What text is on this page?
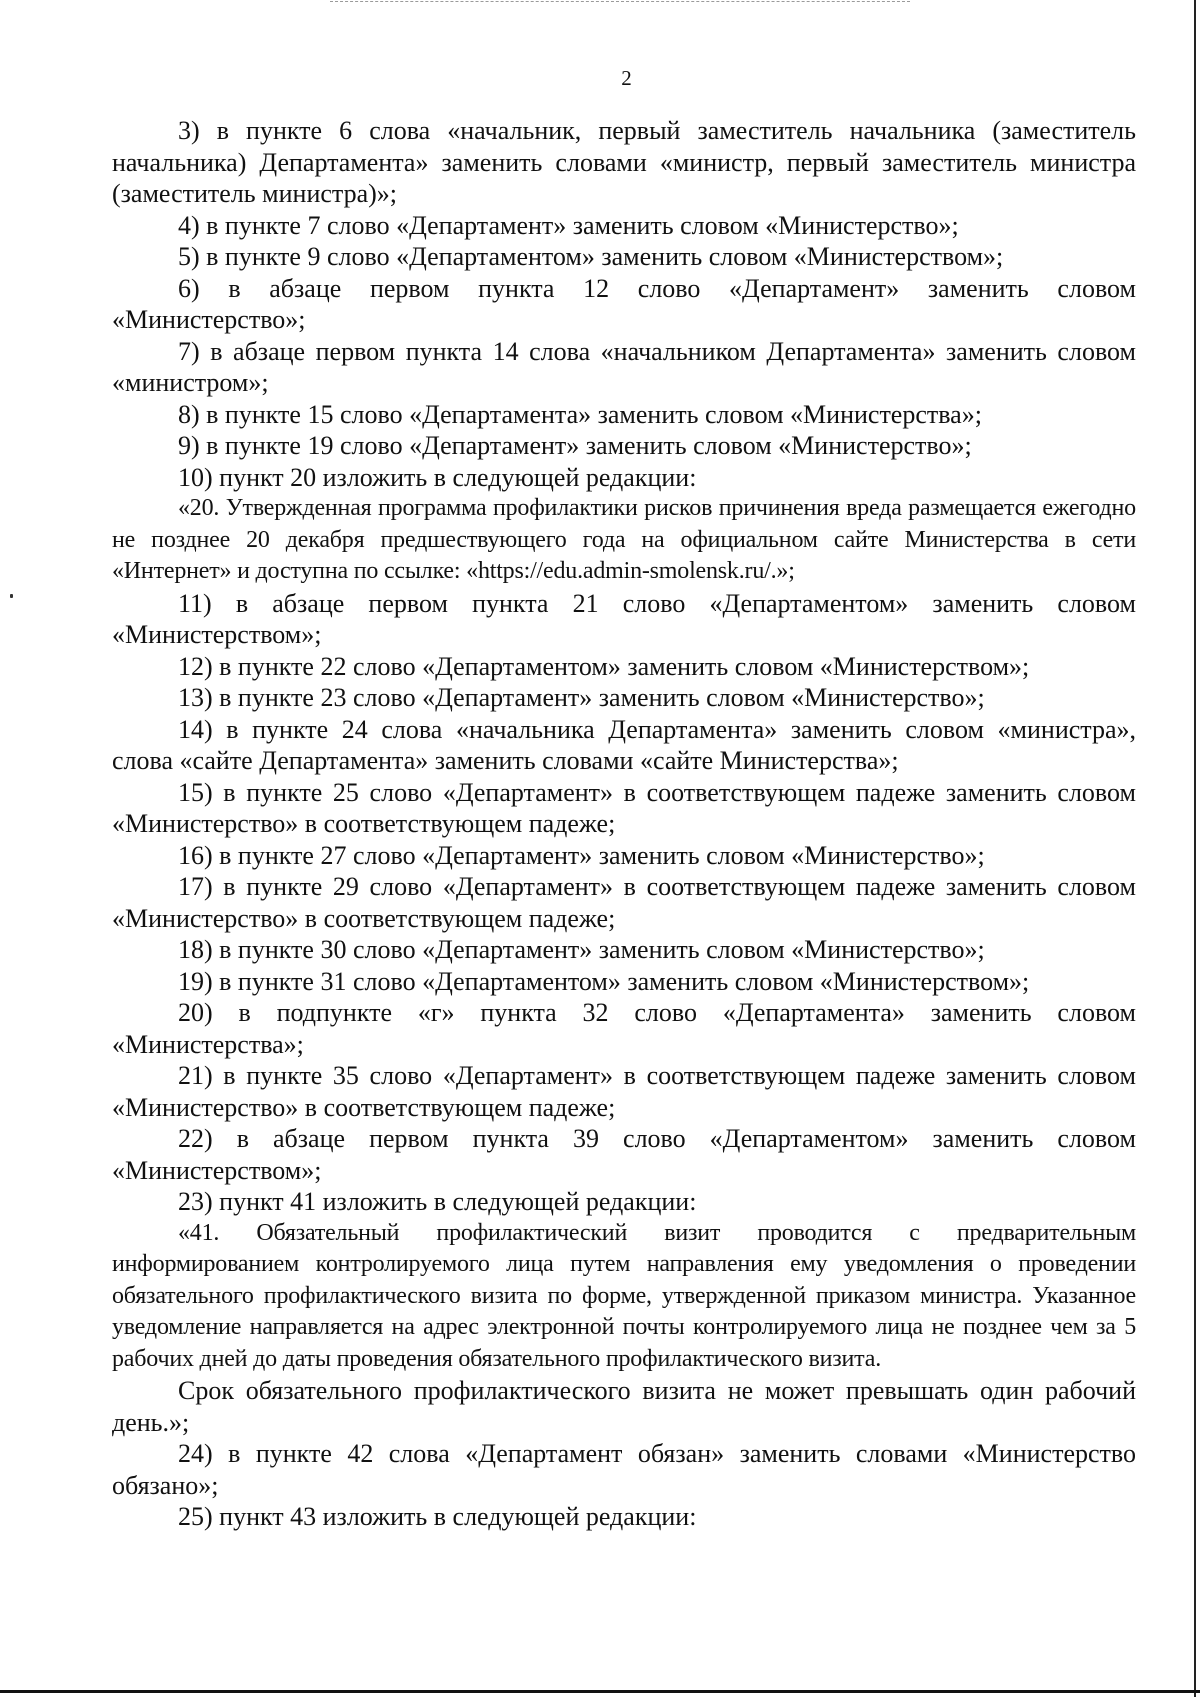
2

3) в пункте 6 слова «начальник, первый заместитель начальника (заместитель начальника) Департамента» заменить словами «министр, первый заместитель министра (заместитель министра)»;

4) в пункте 7 слово «Департамент» заменить словом «Министерство»;

5) в пункте 9 слово «Департаментом» заменить словом «Министерством»;

6) в абзаце первом пункта 12 слово «Департамент» заменить словом «Министерство»;

7) в абзаце первом пункта 14 слова «начальником Департамента» заменить словом «министром»;

8) в пункте 15 слово «Департамента» заменить словом «Министерства»;

9) в пункте 19 слово «Департамент» заменить словом «Министерство»;

10) пункт 20 изложить в следующей редакции:

«20. Утвержденная программа профилактики рисков причинения вреда размещается ежегодно не позднее 20 декабря предшествующего года на официальном сайте Министерства в сети «Интернет» и доступна по ссылке: «https://edu.admin-smolensk.ru/.»;

11) в абзаце первом пункта 21 слово «Департаментом» заменить словом «Министерством»;

12) в пункте 22 слово «Департаментом» заменить словом «Министерством»;

13) в пункте 23 слово «Департамент» заменить словом «Министерство»;

14) в пункте 24 слова «начальника Департамента» заменить словом «министра», слова «сайте Департамента» заменить словами «сайте Министерства»;

15) в пункте 25 слово «Департамент» в соответствующем падеже заменить словом «Министерство» в соответствующем падеже;

16) в пункте 27 слово «Департамент» заменить словом «Министерство»;

17) в пункте 29 слово «Департамент» в соответствующем падеже заменить словом «Министерство» в соответствующем падеже;

18) в пункте 30 слово «Департамент» заменить словом «Министерство»;

19) в пункте 31 слово «Департаментом» заменить словом «Министерством»;

20) в подпункте «г» пункта 32 слово «Департамента» заменить словом «Министерства»;

21) в пункте 35 слово «Департамент» в соответствующем падеже заменить словом «Министерство» в соответствующем падеже;

22) в абзаце первом пункта 39 слово «Департаментом» заменить словом «Министерством»;

23) пункт 41 изложить в следующей редакции:

«41. Обязательный профилактический визит проводится с предварительным информированием контролируемого лица путем направления ему уведомления о проведении обязательного профилактического визита по форме, утвержденной приказом министра. Указанное уведомление направляется на адрес электронной почты контролируемого лица не позднее чем за 5 рабочих дней до даты проведения обязательного профилактического визита.

Срок обязательного профилактического визита не может превышать один рабочий день.»;

24) в пункте 42 слова «Департамент обязан» заменить словами «Министерство обязано»;

25) пункт 43 изложить в следующей редакции:
